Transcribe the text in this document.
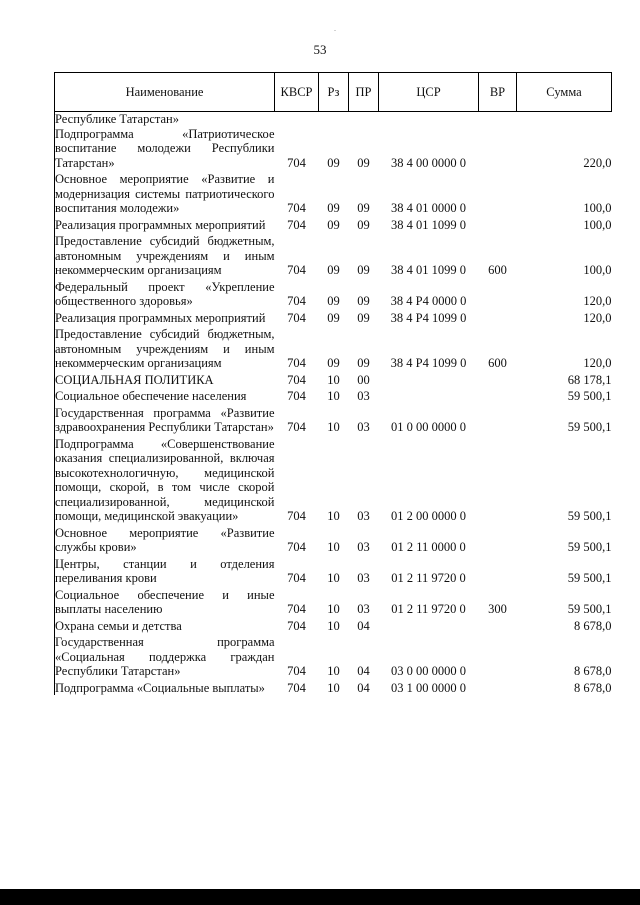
53
-
Наименование	КВСР	Рз	ПР	ЦСР	ВР	Сумма
Республике Татарстан»						
Подпрограмма «Патриотическое воспитание молодежи Республики Татарстан»	704	09	09	38 4 00 0000 0		220,0

Основное мероприятие «Развитие и модернизация системы патриотического воспитания молодежи»	704	09	09	38 4 01 0000 0		100,0

Реализация программных мероприятий	704	09	09	38 4 01 1099 0		100,0

Предоставление субсидий бюджетным, автономным учреждениям и иным некоммерческим организациям	704	09	09	38 4 01 1099 0	600	100,0

Федеральный проект «Укрепление общественного здоровья»	704	09	09	38 4 P4 0000 0		120,0

Реализация программных мероприятий	704	09	09	38 4 P4 1099 0		120,0

Предоставление субсидий бюджетным, автономным учреждениям и иным некоммерческим организациям	704	09	09	38 4 P4 1099 0	600	120,0

СОЦИАЛЬНАЯ ПОЛИТИКА	704	10	00			68 178,1

Социальное обеспечение населения	704	10	03			59 500,1

Государственная программа «Развитие здравоохранения Республики Татарстан»	704	10	03	01 0 00 0000 0		59 500,1

Подпрограмма «Совершенствование оказания специализированной, включая высокотехнологичную, медицинской помощи, скорой, в том числе скорой специализированной, медицинской помощи, медицинской эвакуации»	704	10	03	01 2 00 0000 0		59 500,1

Основное мероприятие «Развитие службы крови»	704	10	03	01 2 11 0000 0		59 500,1

Центры, станции и отделения переливания крови	704	10	03	01 2 11 9720 0		59 500,1

Социальное обеспечение и иные выплаты населению	704	10	03	01 2 11 9720 0	300	59 500,1

Охрана семьи и детства	704	10	04			8 678,0

Государственная программа «Социальная поддержка граждан Республики Татарстан»	704	10	04	03 0 00 0000 0		8 678,0

Подпрограмма «Социальные выплаты»	704	10	04	03 1 00 0000 0		8 678,0
